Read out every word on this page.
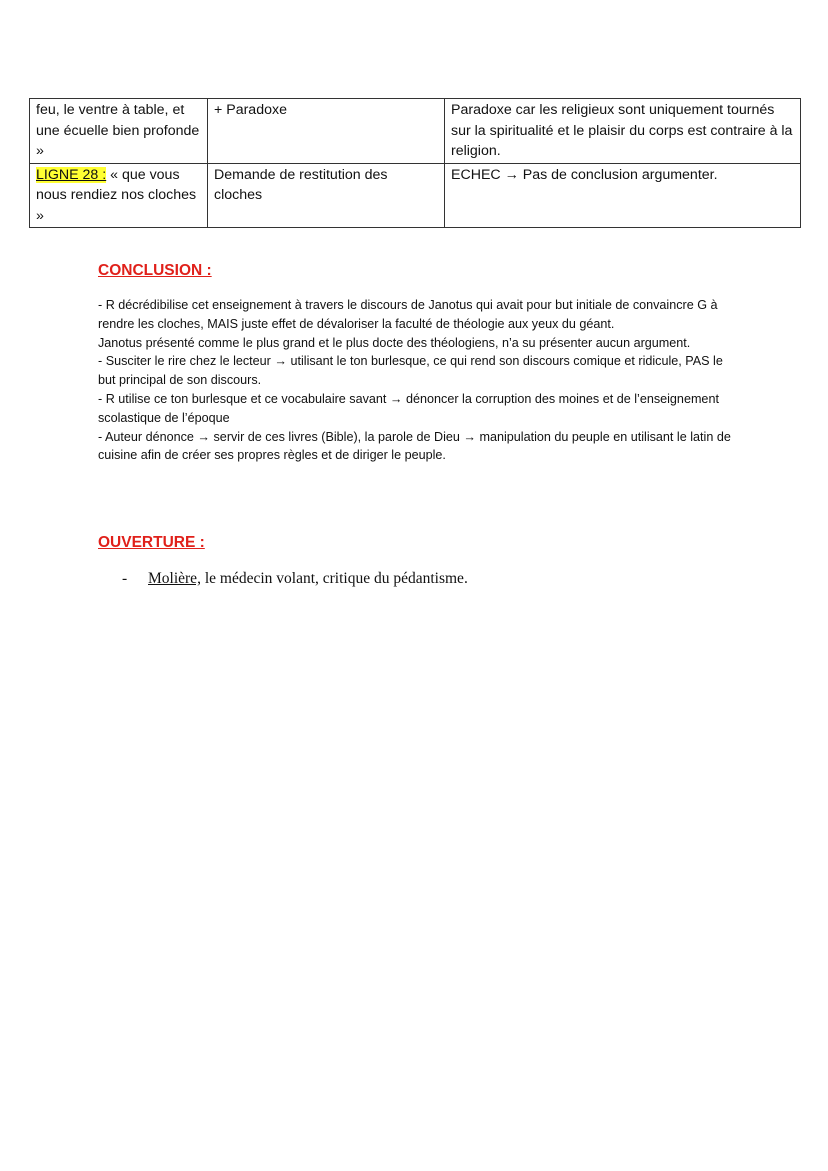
feu, le ventre à table, et une écuelle bien profonde »	+ Paradoxe	Paradoxe car les religieux sont uniquement tournés sur la spiritualité et le plaisir du corps est contraire à la religion.
LIGNE 28 : « que vous nous rendiez nos cloches »	Demande de restitution des cloches	ECHEC → Pas de conclusion argumenter.
CONCLUSION :

- R décrédibilise cet enseignement à travers le discours de Janotus qui avait pour but initiale de convaincre G à rendre les cloches, MAIS juste effet de dévaloriser la faculté de théologie aux yeux du géant.

Janotus présenté comme le plus grand et le plus docte des théologiens, n’a su présenter aucun argument.

- Susciter le rire chez le lecteur → utilisant le ton burlesque, ce qui rend son discours comique et ridicule, PAS le but principal de son discours.

- R utilise ce ton burlesque et ce vocabulaire savant → dénoncer la corruption des moines et de l’enseignement scolastique de l’époque

- Auteur dénonce → servir de ces livres (Bible), la parole de Dieu → manipulation du peuple en utilisant le latin de cuisine afin de créer ses propres règles et de diriger le peuple.

OUVERTURE :

- Molière, le médecin volant, critique du pédantisme.
